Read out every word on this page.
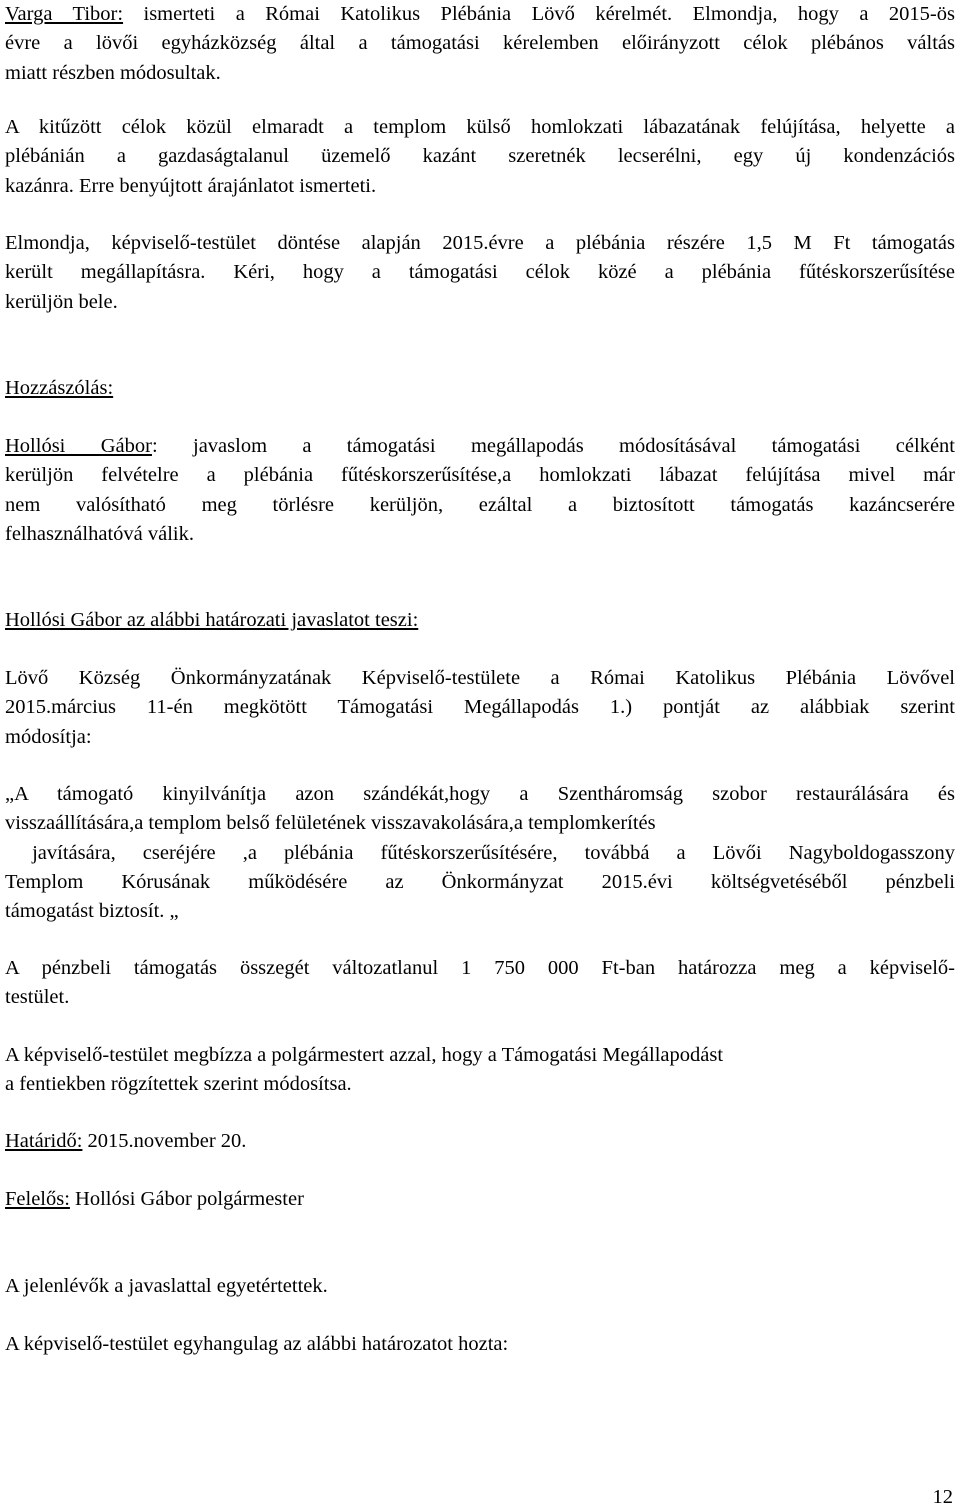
Varga Tibor: ismerteti a Római Katolikus Plébánia Lövő kérelmét. Elmondja, hogy a 2015-ös
évre a lövői egyházközség által a támogatási kérelemben előirányzott célok plébános váltás
miatt részben módosultak.
A kitűzött célok közül elmaradt a templom külső homlokzati lábazatának felújítása, helyette a
plébánián a gazdaságtalanul üzemelő kazánt szeretnék lecserélni, egy új kondenzációs
kazánra. Erre benyújtott árajánlatot ismerteti.
Elmondja, képviselő-testület döntése alapján 2015.évre a plébánia részére 1,5 M Ft támogatás
került megállapításra. Kéri, hogy a támogatási célok közé a plébánia fűtéskorszerűsítése
kerüljön bele.
Hozzászólás:
Hollósi Gábor: javaslom a támogatási megállapodás módosításával támogatási célként
kerüljön felvételre a plébánia fűtéskorszerűsítése,a homlokzati lábazat felújítása mivel már
nem valósítható meg törlésre kerüljön, ezáltal a biztosított támogatás kazáncserére
felhasználhatóvá válik.
Hollósi Gábor az alábbi határozati javaslatot teszi:
Lövő Község Önkormányzatának Képviselő-testülete a Római Katolikus Plébánia Lövővel
2015.március 11-én megkötött Támogatási Megállapodás 1.) pontját az alábbiak szerint
módosítja:
„A támogató kinyilvánítja azon szándékát,hogy a Szentháromság szobor restaurálására és
visszaállítására,a templom belső felületének visszavakolására,a templomkerítés
javítására, cseréjére ,a plébánia fűtéskorszerűsítésére, továbbá a Lövői Nagyboldogasszony
Templom Kórusának működésére az Önkormányzat 2015.évi költségvetéséből pénzbeli
támogatást biztosít. „
A pénzbeli támogatás összegét változatlanul 1 750 000 Ft-ban határozza meg a képviselő-
testület.
A képviselő-testület megbízza a polgármestert azzal, hogy a Támogatási Megállapodást
a fentiekben rögzítettek szerint módosítsa.
Határidő: 2015.november 20.
Felelős: Hollósi Gábor polgármester
A jelenlévők a javaslattal egyetértettek.
A képviselő-testület egyhangulag az alábbi határozatot hozta:
12
